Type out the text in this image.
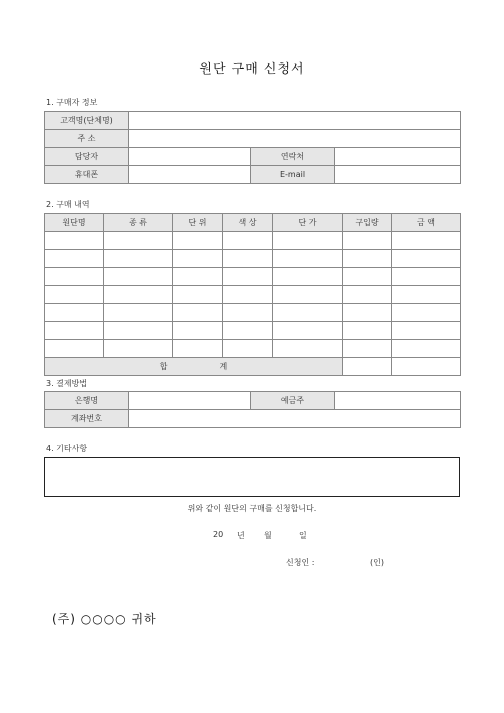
원단 구매 신청서
1. 구매자 정보
고객명(단체명)			
주 소			
담당자		연락처	
휴대폰		E-mail	
2. 구매 내역
원단명	종 류	단 위	색 상	단 가	구입량	금 액

합 계						
3. 결제방법
은행명		예금주	
계좌번호			
4. 기타사항
위와 같이 원단의 구매를 신청합니다.
20 년 월	일
신청인 :	(인)
(주) ○○○○ 귀하
